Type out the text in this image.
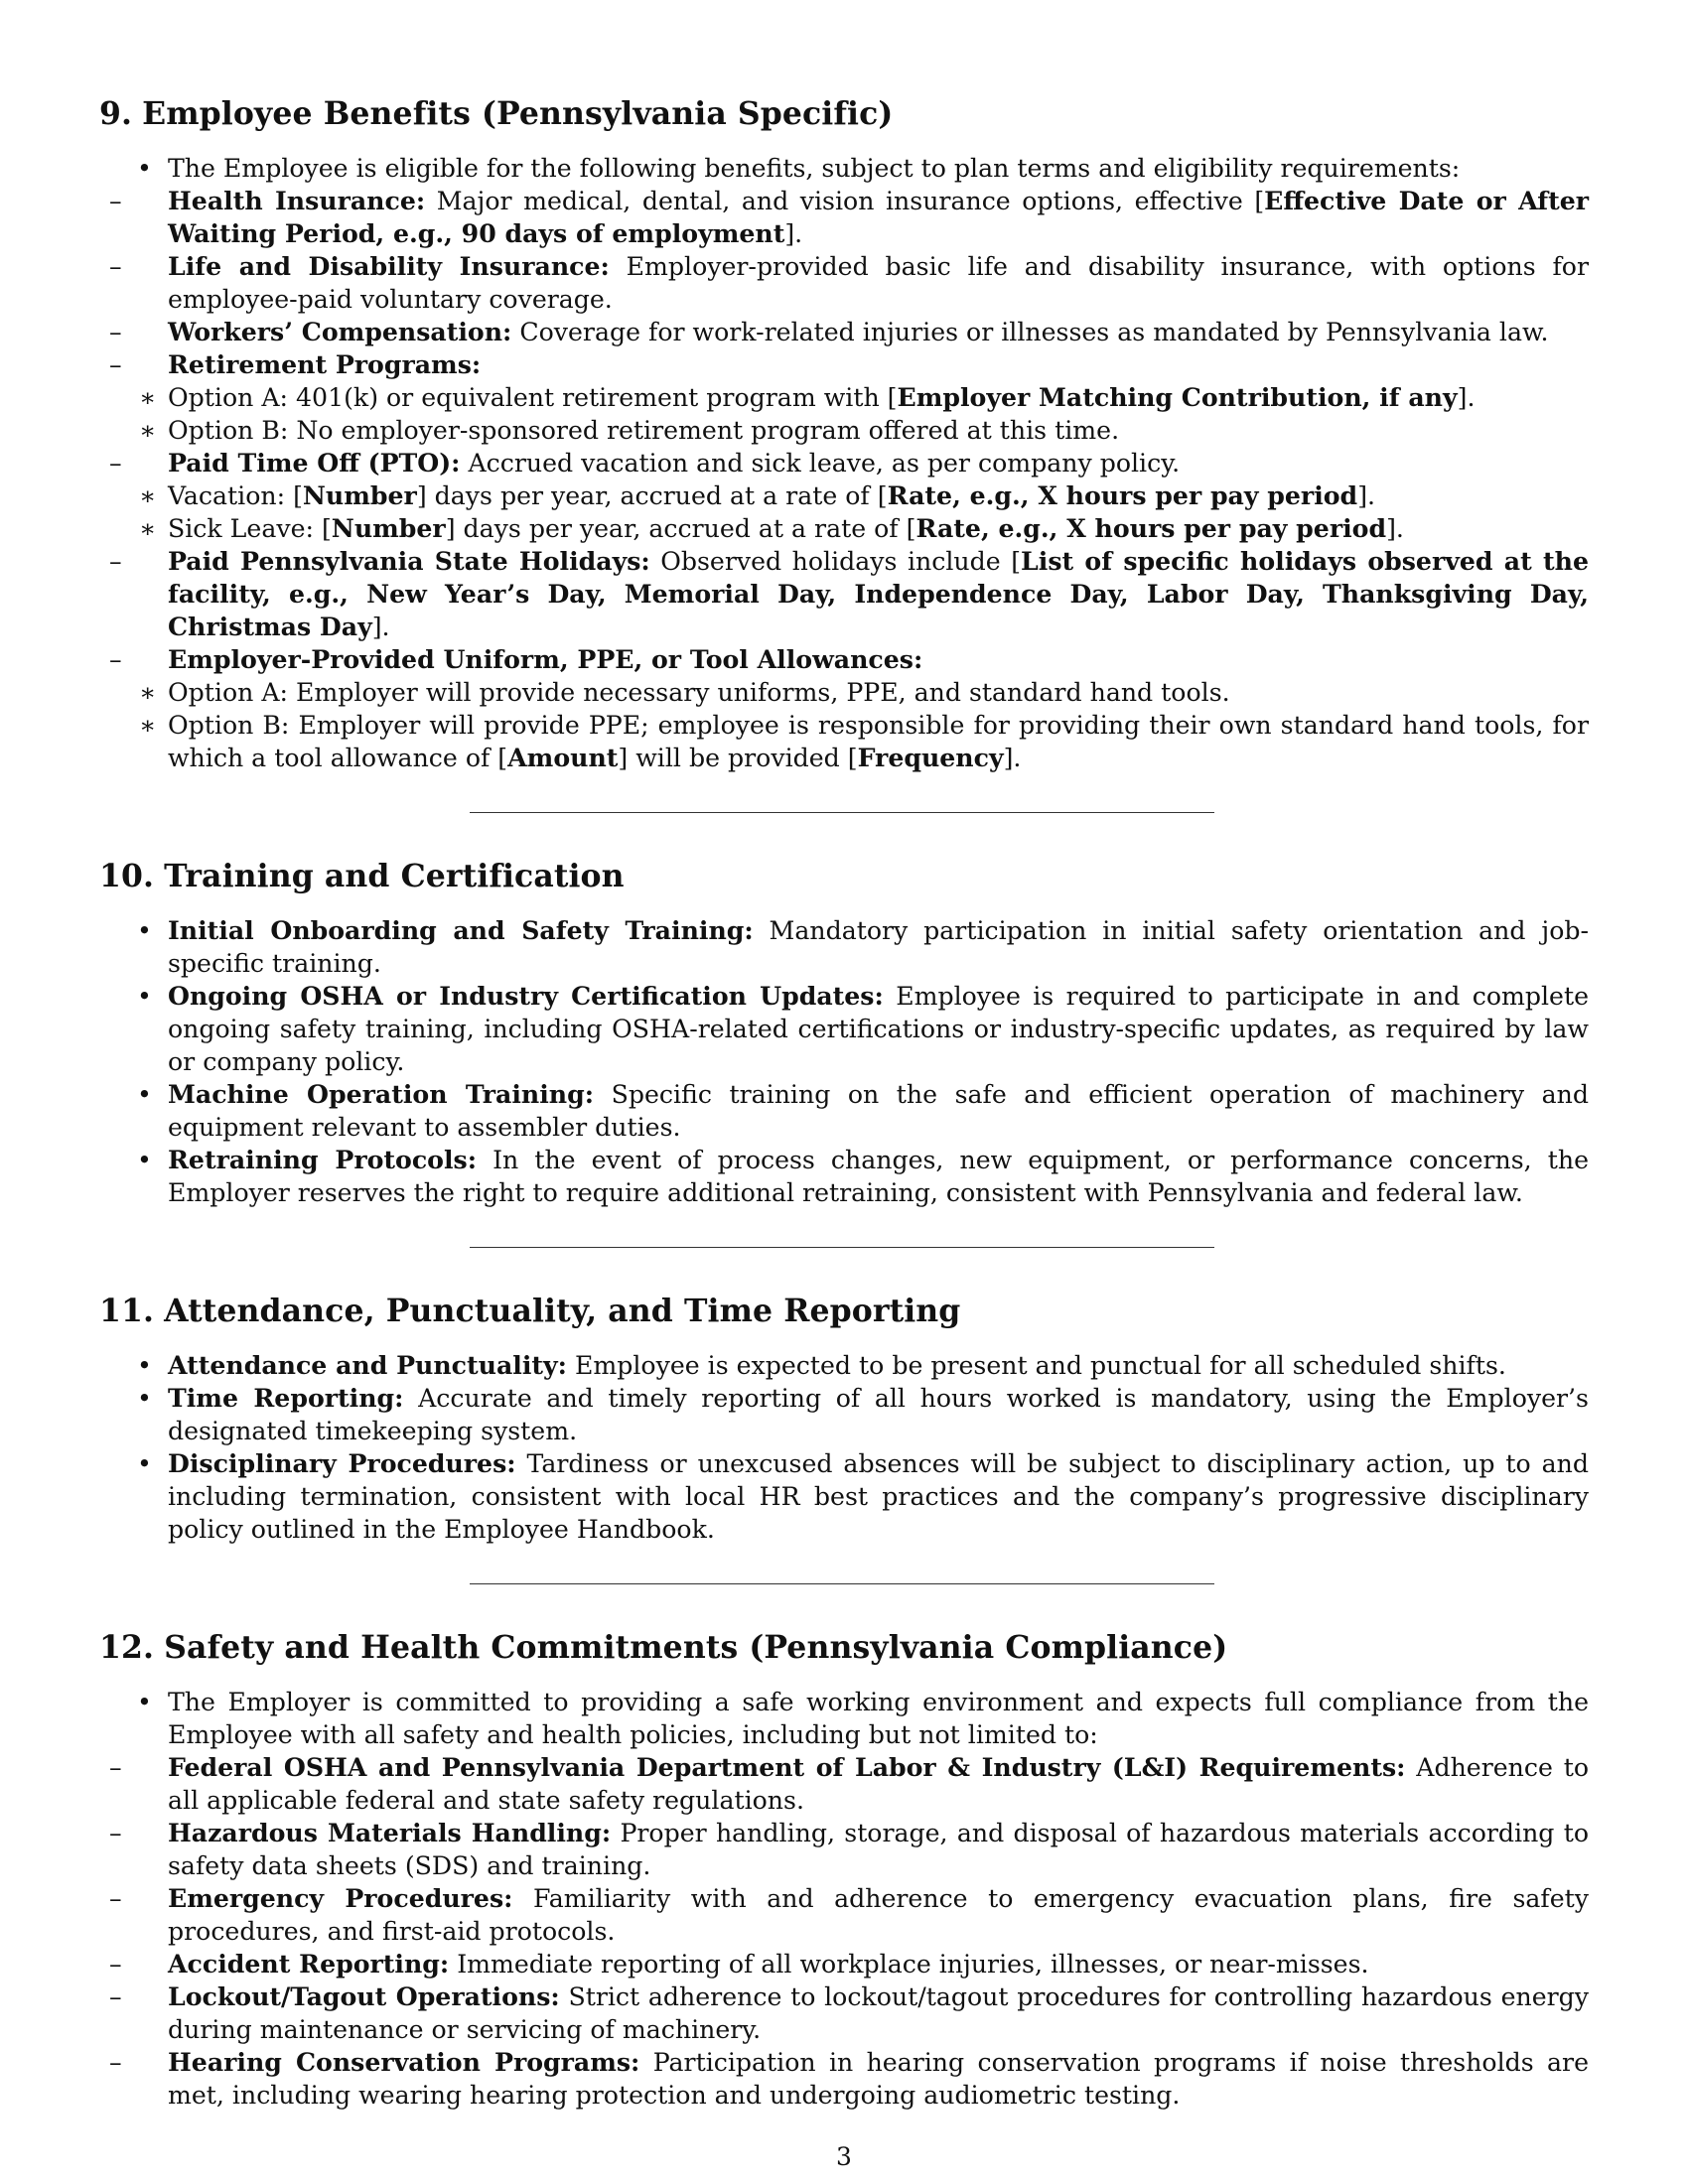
9. Employee Benefits (Pennsylvania Specific)
• The Employee is eligible for the following benefits, subject to plan terms and eligibility requirements:
– Health Insurance: Major medical, dental, and vision insurance options, effective [Effective Date or After Waiting Period, e.g., 90 days of employment].
– Life and Disability Insurance: Employer-provided basic life and disability insurance, with options for employee-paid voluntary coverage.
– Workers’ Compensation: Coverage for work-related injuries or illnesses as mandated by Pennsylvania law.
– Retirement Programs:
∗ Option A: 401(k) or equivalent retirement program with [Employer Matching Contribution, if any].
∗ Option B: No employer-sponsored retirement program offered at this time.
– Paid Time Off (PTO): Accrued vacation and sick leave, as per company policy.
∗ Vacation: [Number] days per year, accrued at a rate of [Rate, e.g., X hours per pay period].
∗ Sick Leave: [Number] days per year, accrued at a rate of [Rate, e.g., X hours per pay period].
– Paid Pennsylvania State Holidays: Observed holidays include [List of specific holidays observed at the facility, e.g., New Year’s Day, Memorial Day, Independence Day, Labor Day, Thanksgiving Day, Christmas Day].
– Employer-Provided Uniform, PPE, or Tool Allowances:
∗ Option A: Employer will provide necessary uniforms, PPE, and standard hand tools.
∗ Option B: Employer will provide PPE; employee is responsible for providing their own standard hand tools, for which a tool allowance of [Amount] will be provided [Frequency].
10. Training and Certification
• Initial Onboarding and Safety Training: Mandatory participation in initial safety orientation and job-specific training.
• Ongoing OSHA or Industry Certification Updates: Employee is required to participate in and complete ongoing safety training, including OSHA-related certifications or industry-specific updates, as required by law or company policy.
• Machine Operation Training: Specific training on the safe and efficient operation of machinery and equipment relevant to assembler duties.
• Retraining Protocols: In the event of process changes, new equipment, or performance concerns, the Employer reserves the right to require additional retraining, consistent with Pennsylvania and federal law.
11. Attendance, Punctuality, and Time Reporting
• Attendance and Punctuality: Employee is expected to be present and punctual for all scheduled shifts.
• Time Reporting: Accurate and timely reporting of all hours worked is mandatory, using the Employer’s designated timekeeping system.
• Disciplinary Procedures: Tardiness or unexcused absences will be subject to disciplinary action, up to and including termination, consistent with local HR best practices and the company’s progressive disciplinary policy outlined in the Employee Handbook.
12. Safety and Health Commitments (Pennsylvania Compliance)
• The Employer is committed to providing a safe working environment and expects full compliance from the Employee with all safety and health policies, including but not limited to:
– Federal OSHA and Pennsylvania Department of Labor & Industry (L&I) Requirements: Adherence to all applicable federal and state safety regulations.
– Hazardous Materials Handling: Proper handling, storage, and disposal of hazardous materials according to safety data sheets (SDS) and training.
– Emergency Procedures: Familiarity with and adherence to emergency evacuation plans, fire safety procedures, and first-aid protocols.
– Accident Reporting: Immediate reporting of all workplace injuries, illnesses, or near-misses.
– Lockout/Tagout Operations: Strict adherence to lockout/tagout procedures for controlling hazardous energy during maintenance or servicing of machinery.
– Hearing Conservation Programs: Participation in hearing conservation programs if noise thresholds are met, including wearing hearing protection and undergoing audiometric testing.
3
